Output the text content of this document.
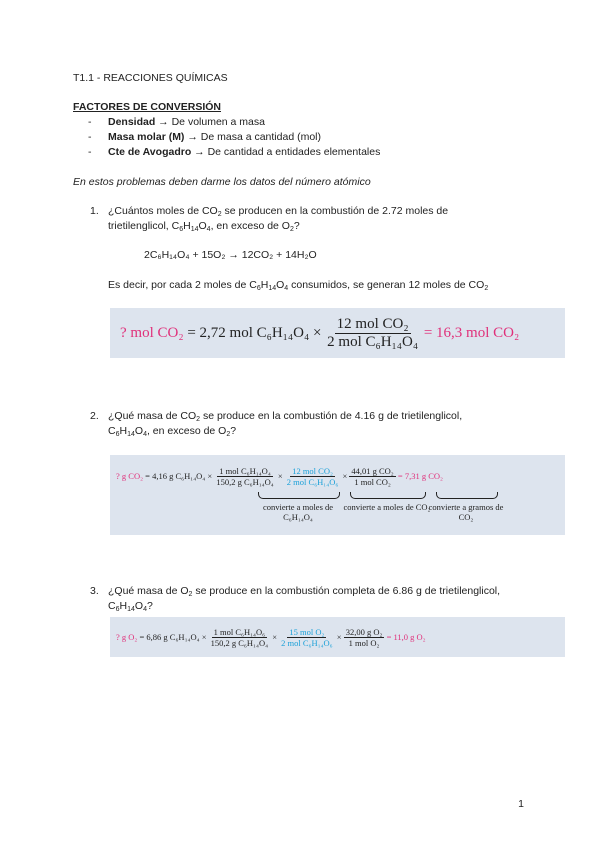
T1.1 - REACCIONES QUÍMICAS
FACTORES DE CONVERSIÓN
- Densidad → De volumen a masa
- Masa molar (M) → De masa a cantidad (mol)
- Cte de Avogadro → De cantidad a entidades elementales
En estos problemas deben darme los datos del número atómico
1. ¿Cuántos moles de $CO_2$ se producen en la combustión de 2.72 moles de
trietilenglicol, $C_6H_{14}O_4$, en exceso de $O_2$?
2C₆H₁₄O₄ + 15O₂ → 12CO₂ + 14H₂O
Es decir, por cada 2 moles de $C_6H_{14}O_4$ consumidos, se generan 12 moles de $CO_2$
? mol CO₂
= 2,72 mol C₆H₁₄O₄ ×
$\frac{\text{12 mol CO₂}}{\text{2 mol C₆H₁₄O₄}}$
= 16,3 mol CO₂
2. ¿Qué masa de $CO_2$ se produce en la combustión de 4.16 g de trietilenglicol,
$C_6H_{14}O_4$, en exceso de $O_2$?
? g CO₂
= 4,16 g C₆H₁₄O₄ ×
$\frac{\text{1 mol C₆H₁₄O₄}}{\text{150,2 g C₆H₁₄O₄}} \times \frac{\text{12 mol CO₂}}{\text{2 mol C₆H₁₄O₆}} \times \frac{\text{44,01 g CO₂}}{\text{1 mol CO₂}}$
= 7,31 g CO₂
convierte a moles de C₆H₁₄O₄
convierte a moles de CO₂
convierte a gramos de CO₂
3. ¿Qué masa de $O_2$ se produce en la combustión completa de 6.86 g de trietilenglicol,
$C_6H_{14}O_4$?
? g O₂
= 6,86 g C₆H₁₄O₄ ×
$\frac{\text{1 mol C₆H₁₄O₆}}{\text{150,2 g C₆H₁₄O₄}} \times \frac{\text{15 mol O₂}}{\text{2 mol C₆H₁₄O₆}} \times \frac{\text{32,00 g O₂}}{\text{1 mol O₂}}$
= 11,0 g O₂
1
